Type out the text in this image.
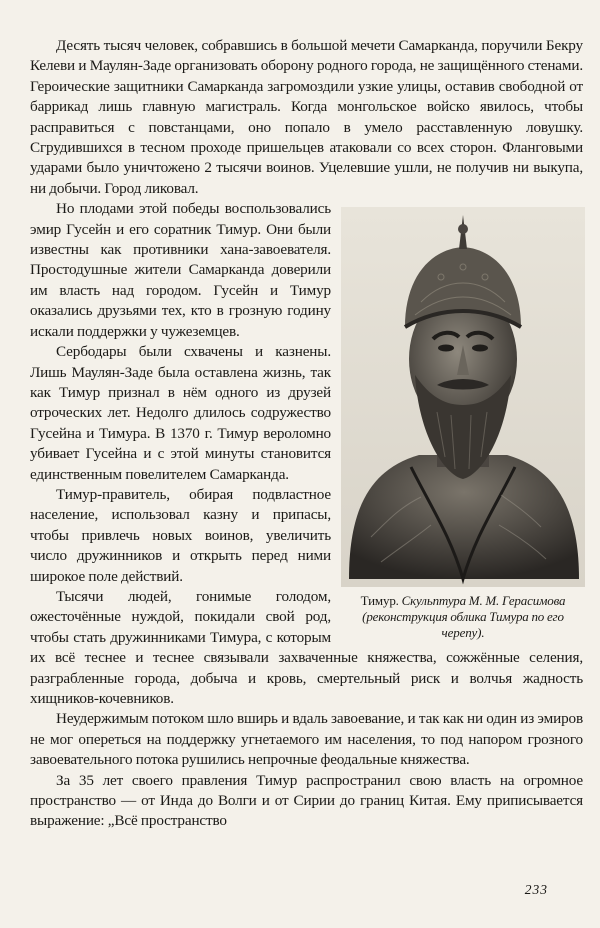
Десять тысяч человек, собравшись в большой мечети Самарканда, поручили Бекру Келеви и Маулян-Заде организовать оборону родного города, не защищённого стенами. Героические защитники Самарканда загромоздили узкие улицы, оставив свободной от баррикад лишь главную магистраль. Когда монгольское войско явилось, чтобы расправиться с повстанцами, оно попало в умело расставленную ловушку. Сгрудившихся в тесном проходе пришельцев атаковали со всех сторон. Фланговыми ударами было уничтожено 2 тысячи воинов. Уцелевшие ушли, не получив ни выкупа, ни добычи. Город ликовал.

Тимур. Скульптура М. М. Герасимова (реконструкция облика Тимура по его черепу).

Но плодами этой победы воспользовались эмир Гусейн и его соратник Тимур. Они были известны как противники хана-завоевателя. Простодушные жители Самарканда доверили им власть над городом. Гусейн и Тимур оказались друзьями тех, кто в грозную годину искали поддержки у чужеземцев.

Сербодары были схвачены и казнены. Лишь Маулян-Заде была оставлена жизнь, так как Тимур признал в нём одного из друзей отроческих лет. Недолго длилось содружество Гусейна и Тимура. В 1370 г. Тимур вероломно убивает Гусейна и с этой минуты становится единственным повелителем Самарканда.

Тимур-правитель, обирая подвластное население, использовал казну и припасы, чтобы привлечь новых воинов, увеличить число дружинников и открыть перед ними широкое поле действий.

Тысячи людей, гонимые голодом, ожесточённые нуждой, покидали свой род, чтобы стать дружинниками Тимура, с которым их всё теснее и теснее связывали захваченные княжества, сожжённые селения, разграбленные города, добыча и кровь, смертельный риск и волчья жадность хищников-кочевников.

Неудержимым потоком шло вширь и вдаль завоевание, и так как ни один из эмиров не мог опереться на поддержку угнетаемого им населения, то под напором грозного завоевательного потока рушились непрочные феодальные княжества.

За 35 лет своего правления Тимур распространил свою власть на огромное пространство — от Инда до Волги и от Сирии до границ Китая. Ему приписывается выражение: „Всё пространство

233
